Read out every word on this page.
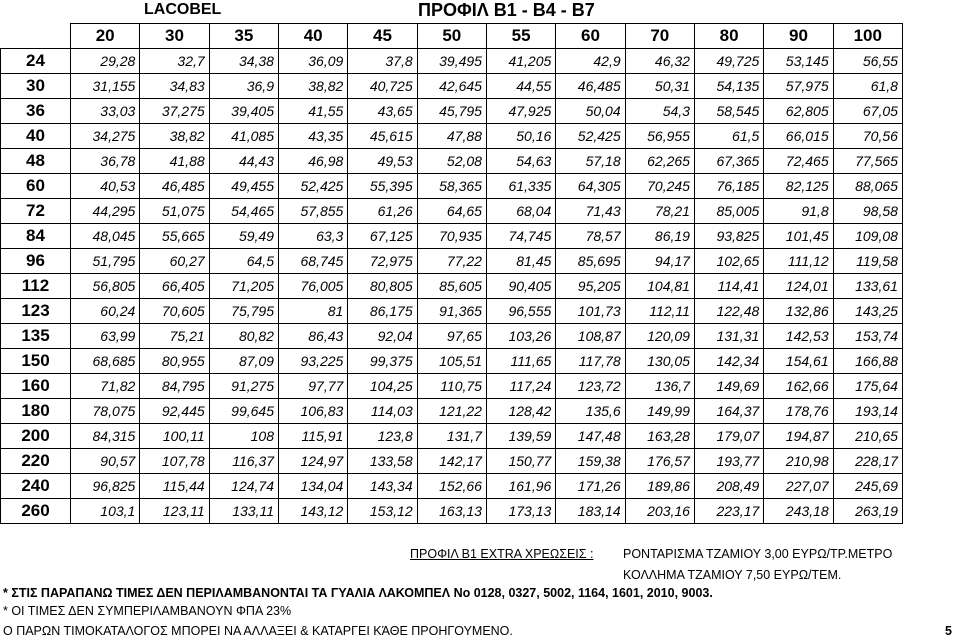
LACOBEL	ΠΡΟΦΙΛ Β1 - Β4 - Β7
	20	30	35	40	45	50	55	60	70	80	90	100
24	29,28	32,7	34,38	36,09	37,8	39,495	41,205	42,9	46,32	49,725	53,145	56,55
30	31,155	34,83	36,9	38,82	40,725	42,645	44,55	46,485	50,31	54,135	57,975	61,8
36	33,03	37,275	39,405	41,55	43,65	45,795	47,925	50,04	54,3	58,545	62,805	67,05
40	34,275	38,82	41,085	43,35	45,615	47,88	50,16	52,425	56,955	61,5	66,015	70,56
48	36,78	41,88	44,43	46,98	49,53	52,08	54,63	57,18	62,265	67,365	72,465	77,565
60	40,53	46,485	49,455	52,425	55,395	58,365	61,335	64,305	70,245	76,185	82,125	88,065
72	44,295	51,075	54,465	57,855	61,26	64,65	68,04	71,43	78,21	85,005	91,8	98,58
84	48,045	55,665	59,49	63,3	67,125	70,935	74,745	78,57	86,19	93,825	101,45	109,08
96	51,795	60,27	64,5	68,745	72,975	77,22	81,45	85,695	94,17	102,65	111,12	119,58
112	56,805	66,405	71,205	76,005	80,805	85,605	90,405	95,205	104,81	114,41	124,01	133,61
123	60,24	70,605	75,795	81	86,175	91,365	96,555	101,73	112,11	122,48	132,86	143,25
135	63,99	75,21	80,82	86,43	92,04	97,65	103,26	108,87	120,09	131,31	142,53	153,74
150	68,685	80,955	87,09	93,225	99,375	105,51	111,65	117,78	130,05	142,34	154,61	166,88
160	71,82	84,795	91,275	97,77	104,25	110,75	117,24	123,72	136,7	149,69	162,66	175,64
180	78,075	92,445	99,645	106,83	114,03	121,22	128,42	135,6	149,99	164,37	178,76	193,14
200	84,315	100,11	108	115,91	123,8	131,7	139,59	147,48	163,28	179,07	194,87	210,65
220	90,57	107,78	116,37	124,97	133,58	142,17	150,77	159,38	176,57	193,77	210,98	228,17
240	96,825	115,44	124,74	134,04	143,34	152,66	161,96	171,26	189,86	208,49	227,07	245,69
260	103,1	123,11	133,11	143,12	153,12	163,13	173,13	183,14	203,16	223,17	243,18	263,19
ΠΡΟΦΙΛ Β1 EXTRA ΧΡΕΩΣΕΙΣ : ΡΟΝΤΑΡΙΣΜΑ ΤΖΑΜΙΟΥ 3,00 ΕΥΡΩ/ΤΡ.ΜΕΤΡΟ
ΚΟΛΛΗΜΑ ΤΖΑΜΙΟΥ 7,50 ΕΥΡΩ/ΤΕΜ.
* ΣΤΙΣ ΠΑΡΑΠΑΝΩ ΤΙΜΕΣ ΔΕΝ ΠΕΡΙΛΑΜΒΑΝΟΝΤΑΙ ΤΑ ΓΥΑΛΙΑ ΛΑΚΟΜΠΕΛ Νο 0128, 0327, 5002, 1164, 1601, 2010, 9003.
* ΟΙ ΤΙΜΕΣ ΔΕΝ ΣΥΜΠΕΡΙΛΑΜΒΑΝΟΥΝ ΦΠΑ 23%
Ο ΠΑΡΩΝ ΤΙΜΟΚΑΤΑΛΟΓΟΣ ΜΠΟΡΕΙ ΝΑ ΑΛΛΑΞΕΙ & ΚΑΤΑΡΓΕΙ ΚΆΘΕ ΠΡΟΗΓΟΥΜΕΝΟ.	5
